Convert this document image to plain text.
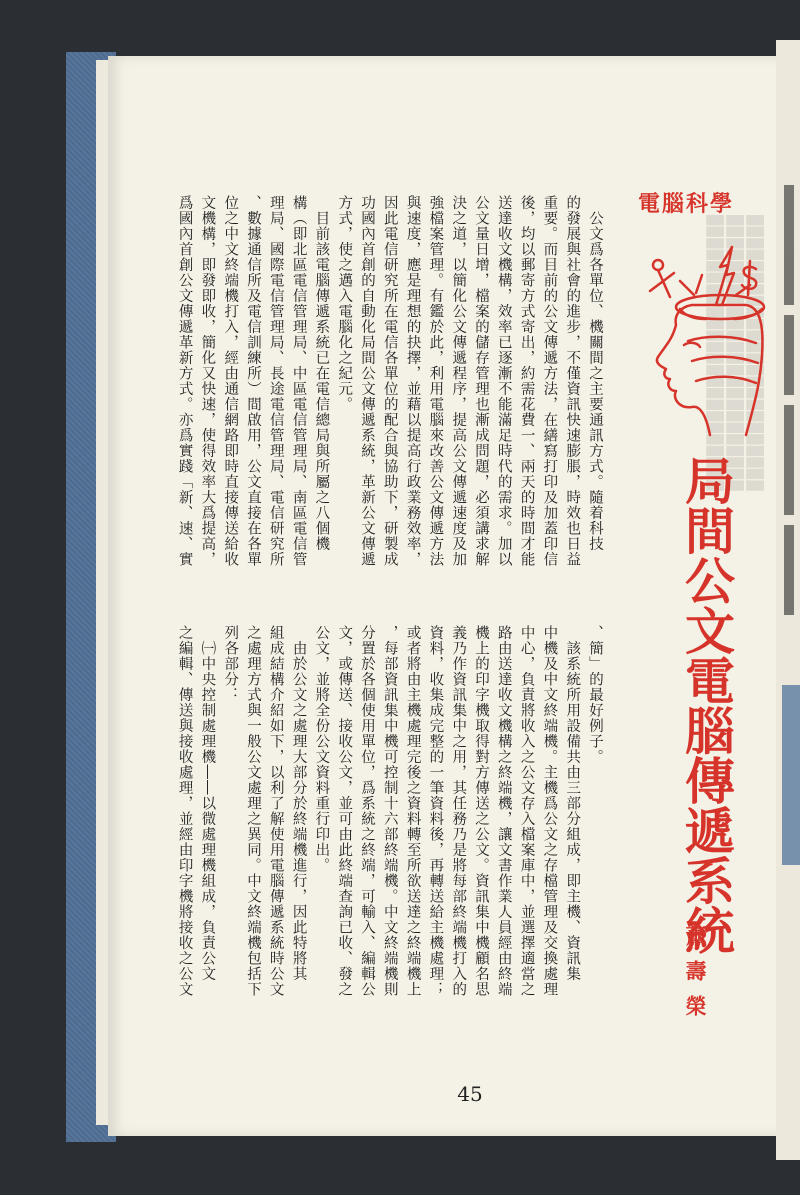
▉▉▉▉▉▉▉▉▉▉▉▉▉▉▉▉▉▉▉▉▉▉▉▉ ▉▉▉▉▉▉▉▉▉▉▉▉▉▉▉▉▉▉▉▉▉▉▉▉ ▉▉▉▉▉▉▉▉▉▉▉▉▉▉▉▉▉▉▉▉▉▉▉▉
電腦科學
局間公文電腦傳遞系統
蕭壽榮
、簡」的最好例子。
　該系統所用設備共由三部分組成，即主機、資訊集
中機及中文終端機。主機爲公文之存檔管理及交換處理
中心，負責將收入之公文存入檔案庫中，並選擇適當之
路由送達收文機構之終端機，讓文書作業人員經由終端
機上的印字機取得對方傳送之公文。資訊集中機顧名思
義乃作資訊集中之用，其任務乃是將每部終端機打入的
資料，收集成完整的一筆資料後，再轉送給主機處理；
或者將由主機處理完後之資料轉至所欲送達之終端機上
，每部資訊集中機可控制十六部終端機。中文終端機則
分置於各個使用單位，爲系統之終端，可輸入、編輯公
文，或傳送、接收公文，並可由此終端查詢已收、發之
公文，並將全份公文資料重行印出。
　由於公文之處理大部分於終端機進行，因此特將其
組成結構介紹如下，以利了解使用電腦傳遞系統時公文
之處理方式與一般公文處理之異同。中文終端機包括下
列各部分：
　㈠中央控制處理機――以微處理機組成，負責公文
之編輯、傳送與接收處理，並經由印字機將接收之公文
　公文爲各單位、機關間之主要通訊方式。隨着科技
的發展與社會的進步，不僅資訊快速膨脹，時效也日益
重要。而目前的公文傳遞方法，在繕寫打印及加蓋印信
後，均以郵寄方式寄出，約需花費一、兩天的時間才能
送達收文機構，效率已逐漸不能滿足時代的需求。加以
公文量日增，檔案的儲存管理也漸成問題，必須講求解
決之道，以簡化公文傳遞程序，提高公文傳遞速度及加
強檔案管理。有鑑於此，利用電腦來改善公文傳遞方法
與速度，應是理想的抉擇，並藉以提高行政業務效率，
因此電信研究所在電信各單位的配合與協助下，研製成
功國內首創的自動化局間公文傳遞系統，革新公文傳遞
方式，使之邁入電腦化之紀元。
　目前該電腦傳遞系統已在電信總局與所屬之八個機
構（即北區電信管理局、中區電信管理局、南區電信管
理局、國際電信管理局、長途電信管理局、電信研究所
、數據通信所及電信訓練所）間啟用，公文直接在各單
位之中文終端機打入，經由通信網路即時直接傳送給收
文機構，即發即收，簡化又快速，使得效率大爲提高，
爲國內首創公文傳遞革新方式。亦爲實踐「新、速、實
45
